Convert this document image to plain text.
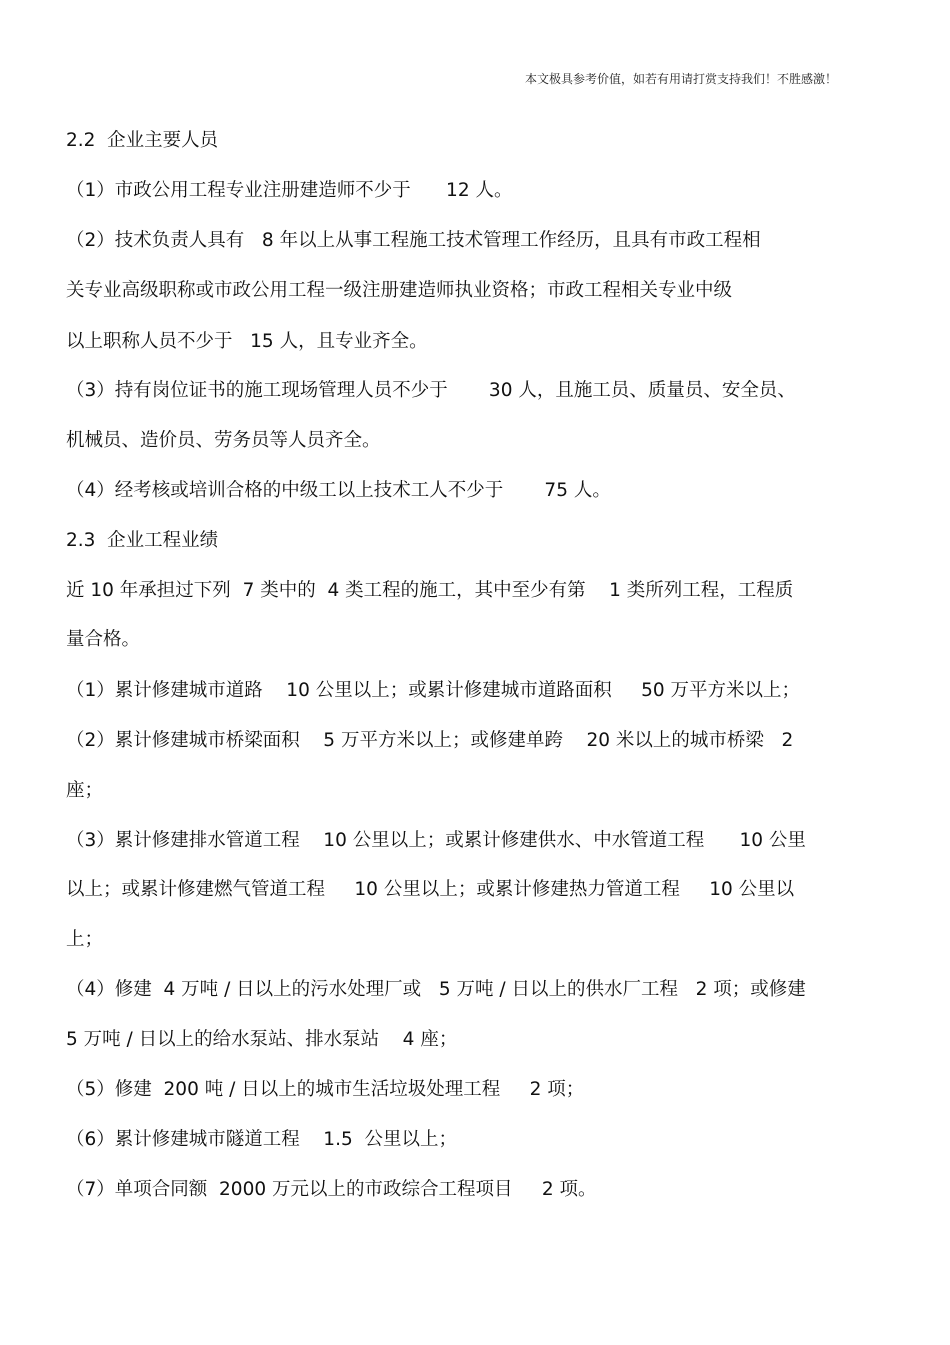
本文极具参考价值，如若有用请打赏支持我们！不胜感激！
2.2  企业主要人员
（1）市政公用工程专业注册建造师不少于      12 人。
（2）技术负责人具有   8 年以上从事工程施工技术管理工作经历，且具有市政工程相
关专业高级职称或市政公用工程一级注册建造师执业资格；市政工程相关专业中级
以上职称人员不少于   15 人，且专业齐全。
（3）持有岗位证书的施工现场管理人员不少于       30 人，且施工员、质量员、安全员、
机械员、造价员、劳务员等人员齐全。
（4）经考核或培训合格的中级工以上技术工人不少于       75 人。
2.3  企业工程业绩
近 10 年承担过下列  7 类中的  4 类工程的施工，其中至少有第    1 类所列工程，工程质
量合格。
（1）累计修建城市道路    10 公里以上；或累计修建城市道路面积     50 万平方米以上；
（2）累计修建城市桥梁面积    5 万平方米以上；或修建单跨    20 米以上的城市桥梁   2
座；
（3）累计修建排水管道工程    10 公里以上；或累计修建供水、中水管道工程      10 公里
以上；或累计修建燃气管道工程     10 公里以上；或累计修建热力管道工程     10 公里以
上；
（4）修建  4 万吨 / 日以上的污水处理厂或   5 万吨 / 日以上的供水厂工程   2 项；或修建
5 万吨 / 日以上的给水泵站、排水泵站    4 座；
（5）修建  200 吨 / 日以上的城市生活垃圾处理工程     2 项；
（6）累计修建城市隧道工程    1.5  公里以上；
（7）单项合同额  2000 万元以上的市政综合工程项目     2 项。
